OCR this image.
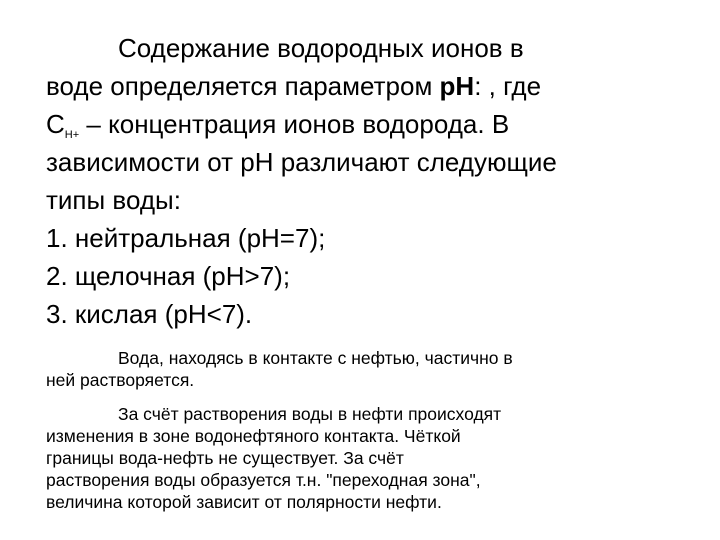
Содержание водородных ионов в

воде определяется параметром pH: , где

$C_{H+}$ – концентрация ионов водорода. В

зависимости от pH различают следующие

типы воды:

1. нейтральная (pH=7);

2. щелочная (pH>7);

3. кислая (pH<7).

Вода, находясь в контакте с нефтью, частично в

ней растворяется.

За счёт растворения воды в нефти происходят

изменения в зоне водонефтяного контакта. Чёткой

границы вода-нефть не существует. За счёт

растворения воды образуется т.н. "переходная зона",

величина которой зависит от полярности нефти.
